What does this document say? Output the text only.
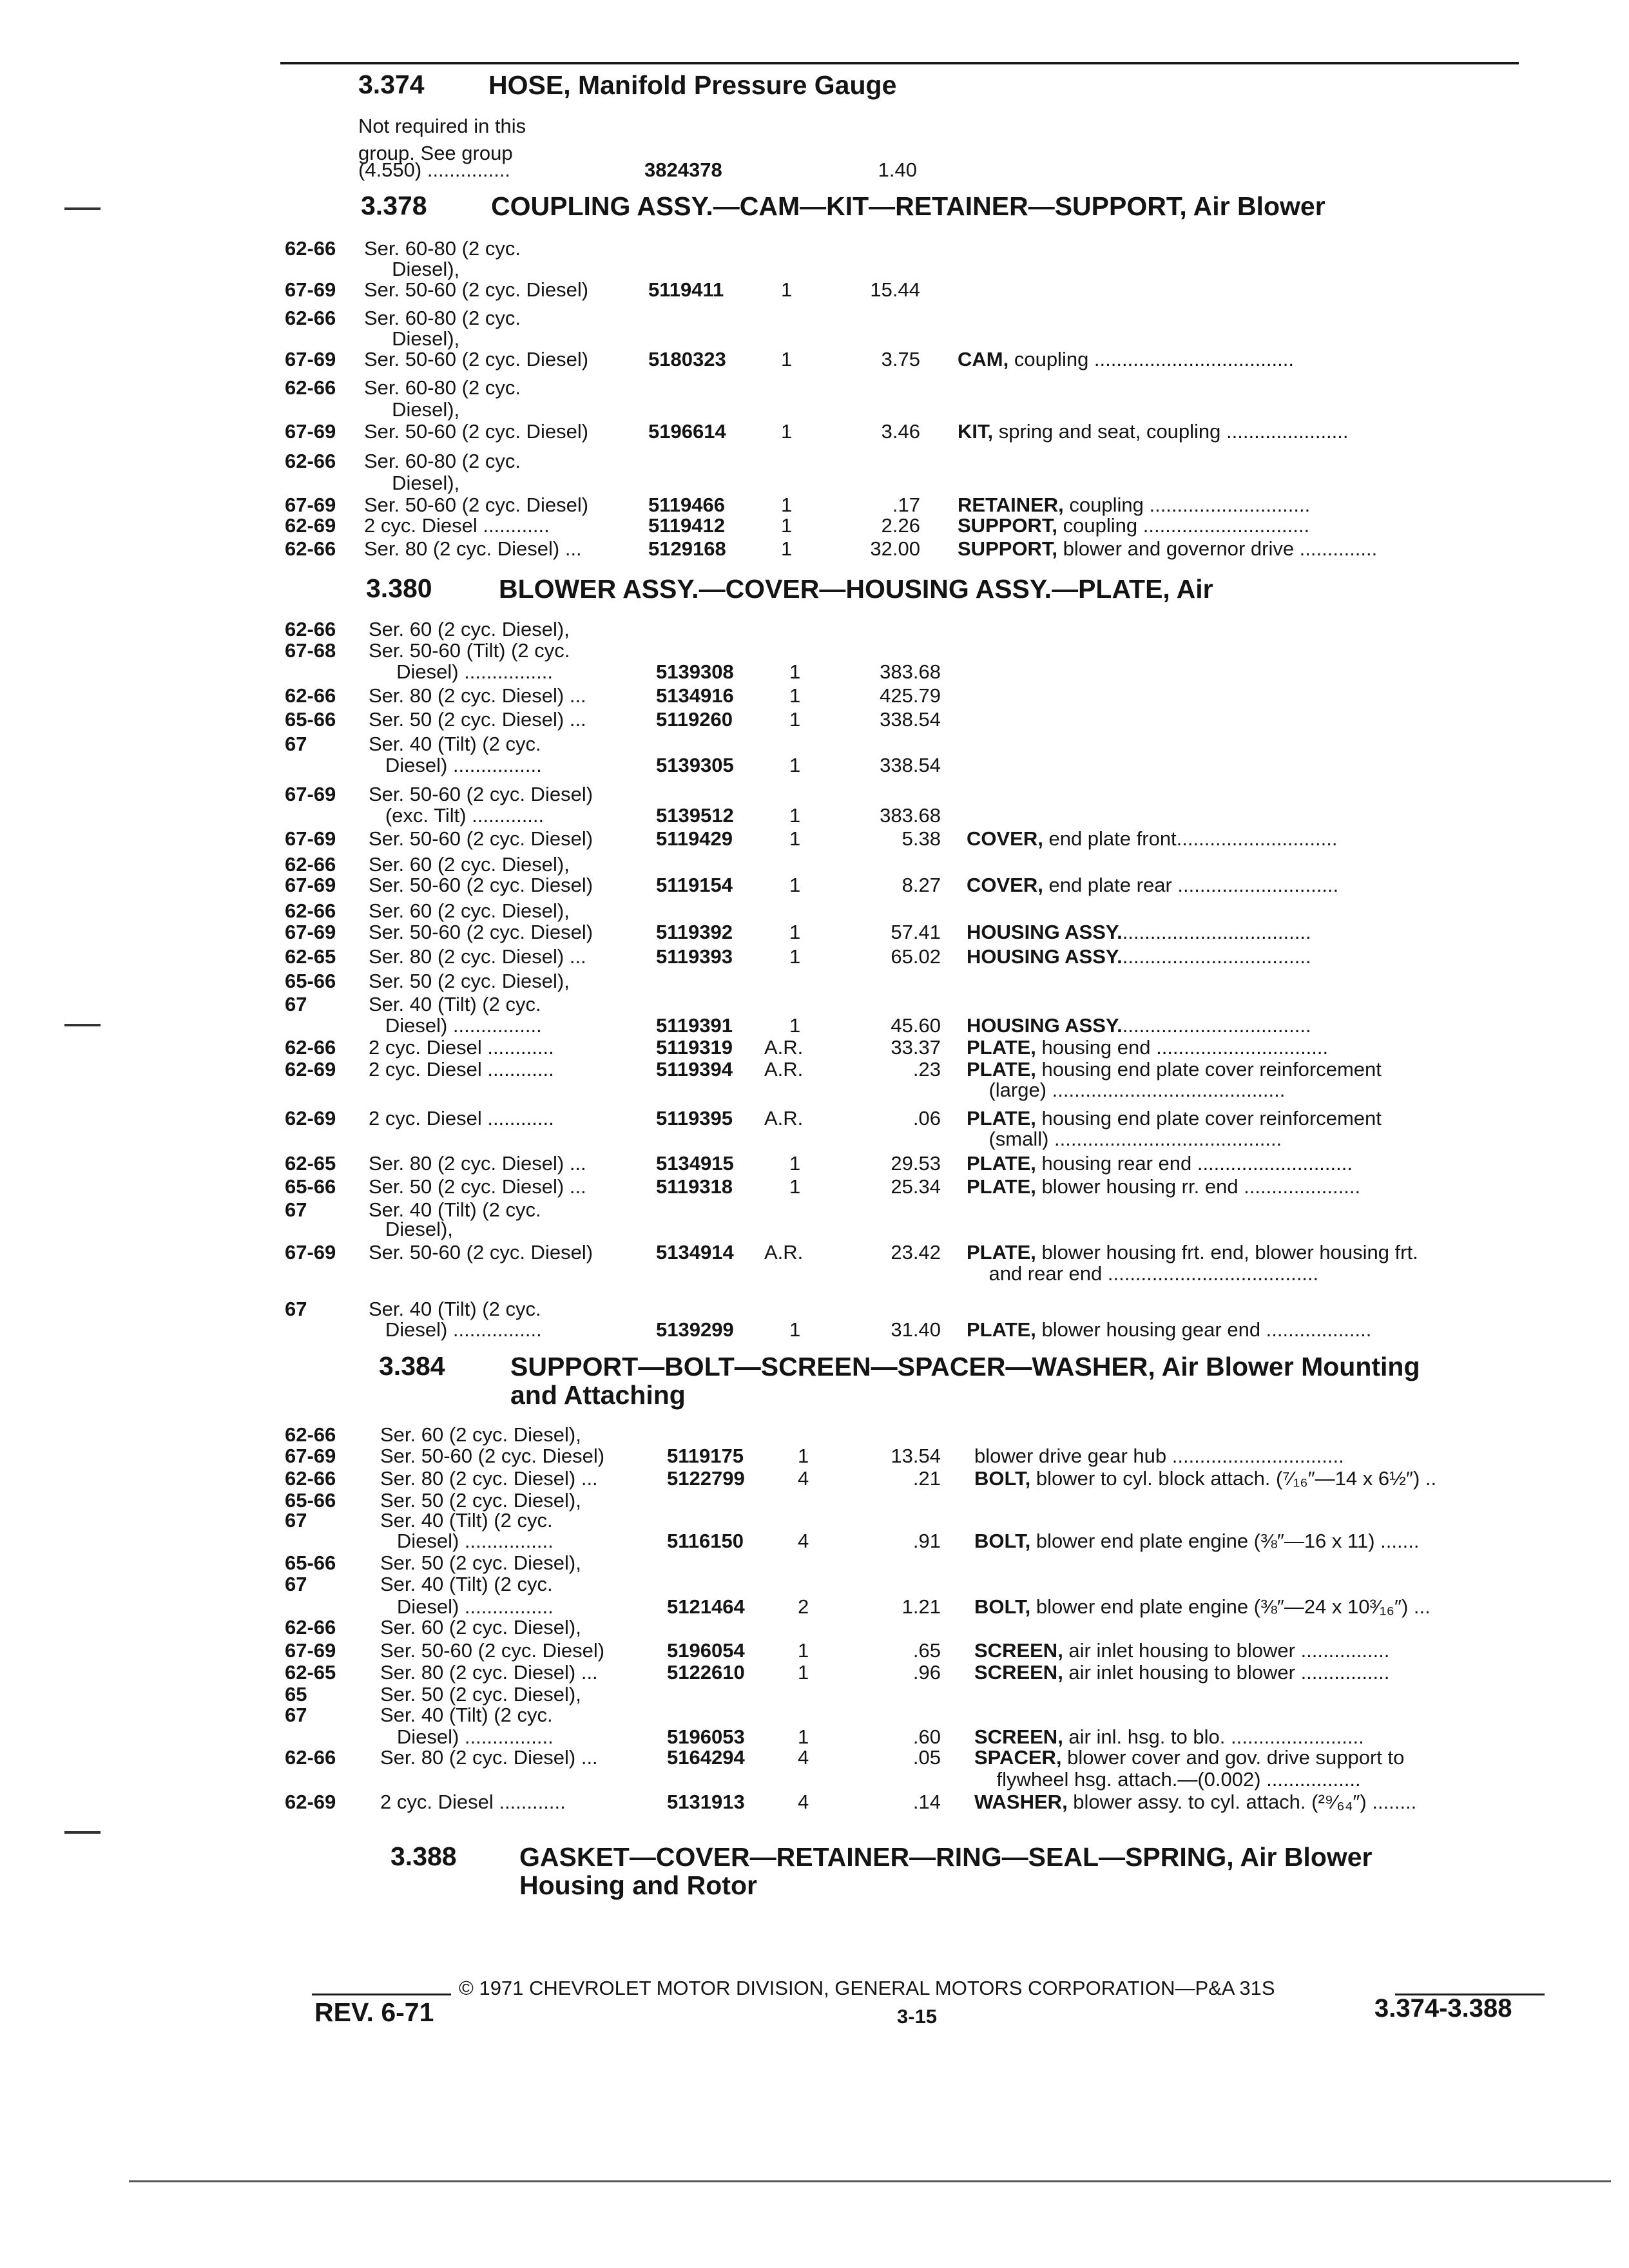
3.374 HOSE, Manifold Pressure Gauge
Not required in this
group. See group
(4.550) ...............	3824378	1.40
3.378 COUPLING ASSY.—CAM—KIT—RETAINER—SUPPORT, Air Blower
62-66 Ser. 60-80 (2 cyc.
Diesel),
67-69 Ser. 50-60 (2 cyc. Diesel)	5119411	1	15.44
62-66 Ser. 60-80 (2 cyc.
Diesel),
67-69 Ser. 50-60 (2 cyc. Diesel)	5180323	1	3.75 CAM, coupling ....................................
62-66 Ser. 60-80 (2 cyc.
Diesel),
67-69 Ser. 50-60 (2 cyc. Diesel)	5196614	1	3.46 KIT, spring and seat, coupling ......................
62-66 Ser. 60-80 (2 cyc.
Diesel),
67-69 Ser. 50-60 (2 cyc. Diesel)	5119466	1	.17 RETAINER, coupling .............................
62-69 2 cyc. Diesel ............	5119412	1	2.26 SUPPORT, coupling ..............................
62-66 Ser. 80 (2 cyc. Diesel) ...	5129168	1	32.00 SUPPORT, blower and governor drive ..............
3.380	BLOWER ASSY.—COVER—HOUSING ASSY.—PLATE, Air
62-66 Ser. 60 (2 cyc. Diesel),
67-68 Ser. 50-60 (Tilt) (2 cyc.
Diesel) ................	5139308	1	383.68
62-66 Ser. 80 (2 cyc. Diesel) ...	5134916	1	425.79
65-66 Ser. 50 (2 cyc. Diesel) ...	5119260	1	338.54
67	Ser. 40 (Tilt) (2 cyc.
Diesel) ................	5139305	1	338.54
67-69 Ser. 50-60 (2 cyc. Diesel)
(exc. Tilt) .............	5139512	1	383.68
67-69 Ser. 50-60 (2 cyc. Diesel)	5119429	1	5.38 COVER, end plate front.............................
62-66 Ser. 60 (2 cyc. Diesel),
67-69 Ser. 50-60 (2 cyc. Diesel)	5119154	1	8.27 COVER, end plate rear .............................
62-66 Ser. 60 (2 cyc. Diesel),
67-69 Ser. 50-60 (2 cyc. Diesel)	5119392	1	57.41 HOUSING ASSY...................................
62-65 Ser. 80 (2 cyc. Diesel) ...	5119393	1	65.02 HOUSING ASSY...................................
65-66 Ser. 50 (2 cyc. Diesel),
67	Ser. 40 (Tilt) (2 cyc.
Diesel) ................	5119391	1	45.60 HOUSING ASSY...................................
62-66 2 cyc. Diesel ............	5119319 A.R.	33.37 PLATE, housing end ...............................
62-69 2 cyc. Diesel ............	5119394 A.R.	.23 PLATE, housing end plate cover reinforcement
(large) ..........................................
62-69 2 cyc. Diesel ............	5119395 A.R.	.06 PLATE, housing end plate cover reinforcement
(small) .........................................
62-65 Ser. 80 (2 cyc. Diesel) ...	5134915	1	29.53 PLATE, housing rear end ............................
65-66 Ser. 50 (2 cyc. Diesel) ...	5119318	1	25.34 PLATE, blower housing rr. end .....................
67	Ser. 40 (Tilt) (2 cyc.
Diesel),
67-69 Ser. 50-60 (2 cyc. Diesel)	5134914 A.R.	23.42 PLATE, blower housing frt. end, blower housing frt.
and rear end ......................................
67	Ser. 40 (Tilt) (2 cyc.
Diesel) ................	5139299	1	31.40 PLATE, blower housing gear end ...................
3.384 SUPPORT—BOLT—SCREEN—SPACER—WASHER, Air Blower Mounting
and Attaching
62-66 Ser. 60 (2 cyc. Diesel),
67-69 Ser. 50-60 (2 cyc. Diesel)	5119175	1	13.54 blower drive gear hub ...............................
62-66 Ser. 80 (2 cyc. Diesel) ...	5122799	4	.21 BOLT, blower to cyl. block attach. (⁷⁄₁₆″—14 x 6½″) ..
65-66 Ser. 50 (2 cyc. Diesel),
67	Ser. 40 (Tilt) (2 cyc.
Diesel) ................	5116150	4	.91 BOLT, blower end plate engine (⅜″—16 x 11) .......
65-66 Ser. 50 (2 cyc. Diesel),
67	Ser. 40 (Tilt) (2 cyc.
Diesel) ................	5121464	2	1.21 BOLT, blower end plate engine (⅜″—24 x 10³⁄₁₆″) ...
62-66 Ser. 60 (2 cyc. Diesel),
67-69 Ser. 50-60 (2 cyc. Diesel)	5196054	1	.65 SCREEN, air inlet housing to blower ................
62-65 Ser. 80 (2 cyc. Diesel) ...	5122610	1	.96 SCREEN, air inlet housing to blower ................
65	Ser. 50 (2 cyc. Diesel),
67	Ser. 40 (Tilt) (2 cyc.
Diesel) ................	5196053	1	.60 SCREEN, air inl. hsg. to blo. ........................
62-66 Ser. 80 (2 cyc. Diesel) ...	5164294	4	.05 SPACER, blower cover and gov. drive support to
flywheel hsg. attach.—(0.002) .................
62-69 2 cyc. Diesel ............	5131913	4	.14 WASHER, blower assy. to cyl. attach. (²⁹⁄₆₄″) ........
3.388 GASKET—COVER—RETAINER—RING—SEAL—SPRING, Air Blower
Housing and Rotor
© 1971 CHEVROLET MOTOR DIVISION, GENERAL MOTORS CORPORATION—P&A 31S
REV. 6-71	3-15	3.374-3.388
